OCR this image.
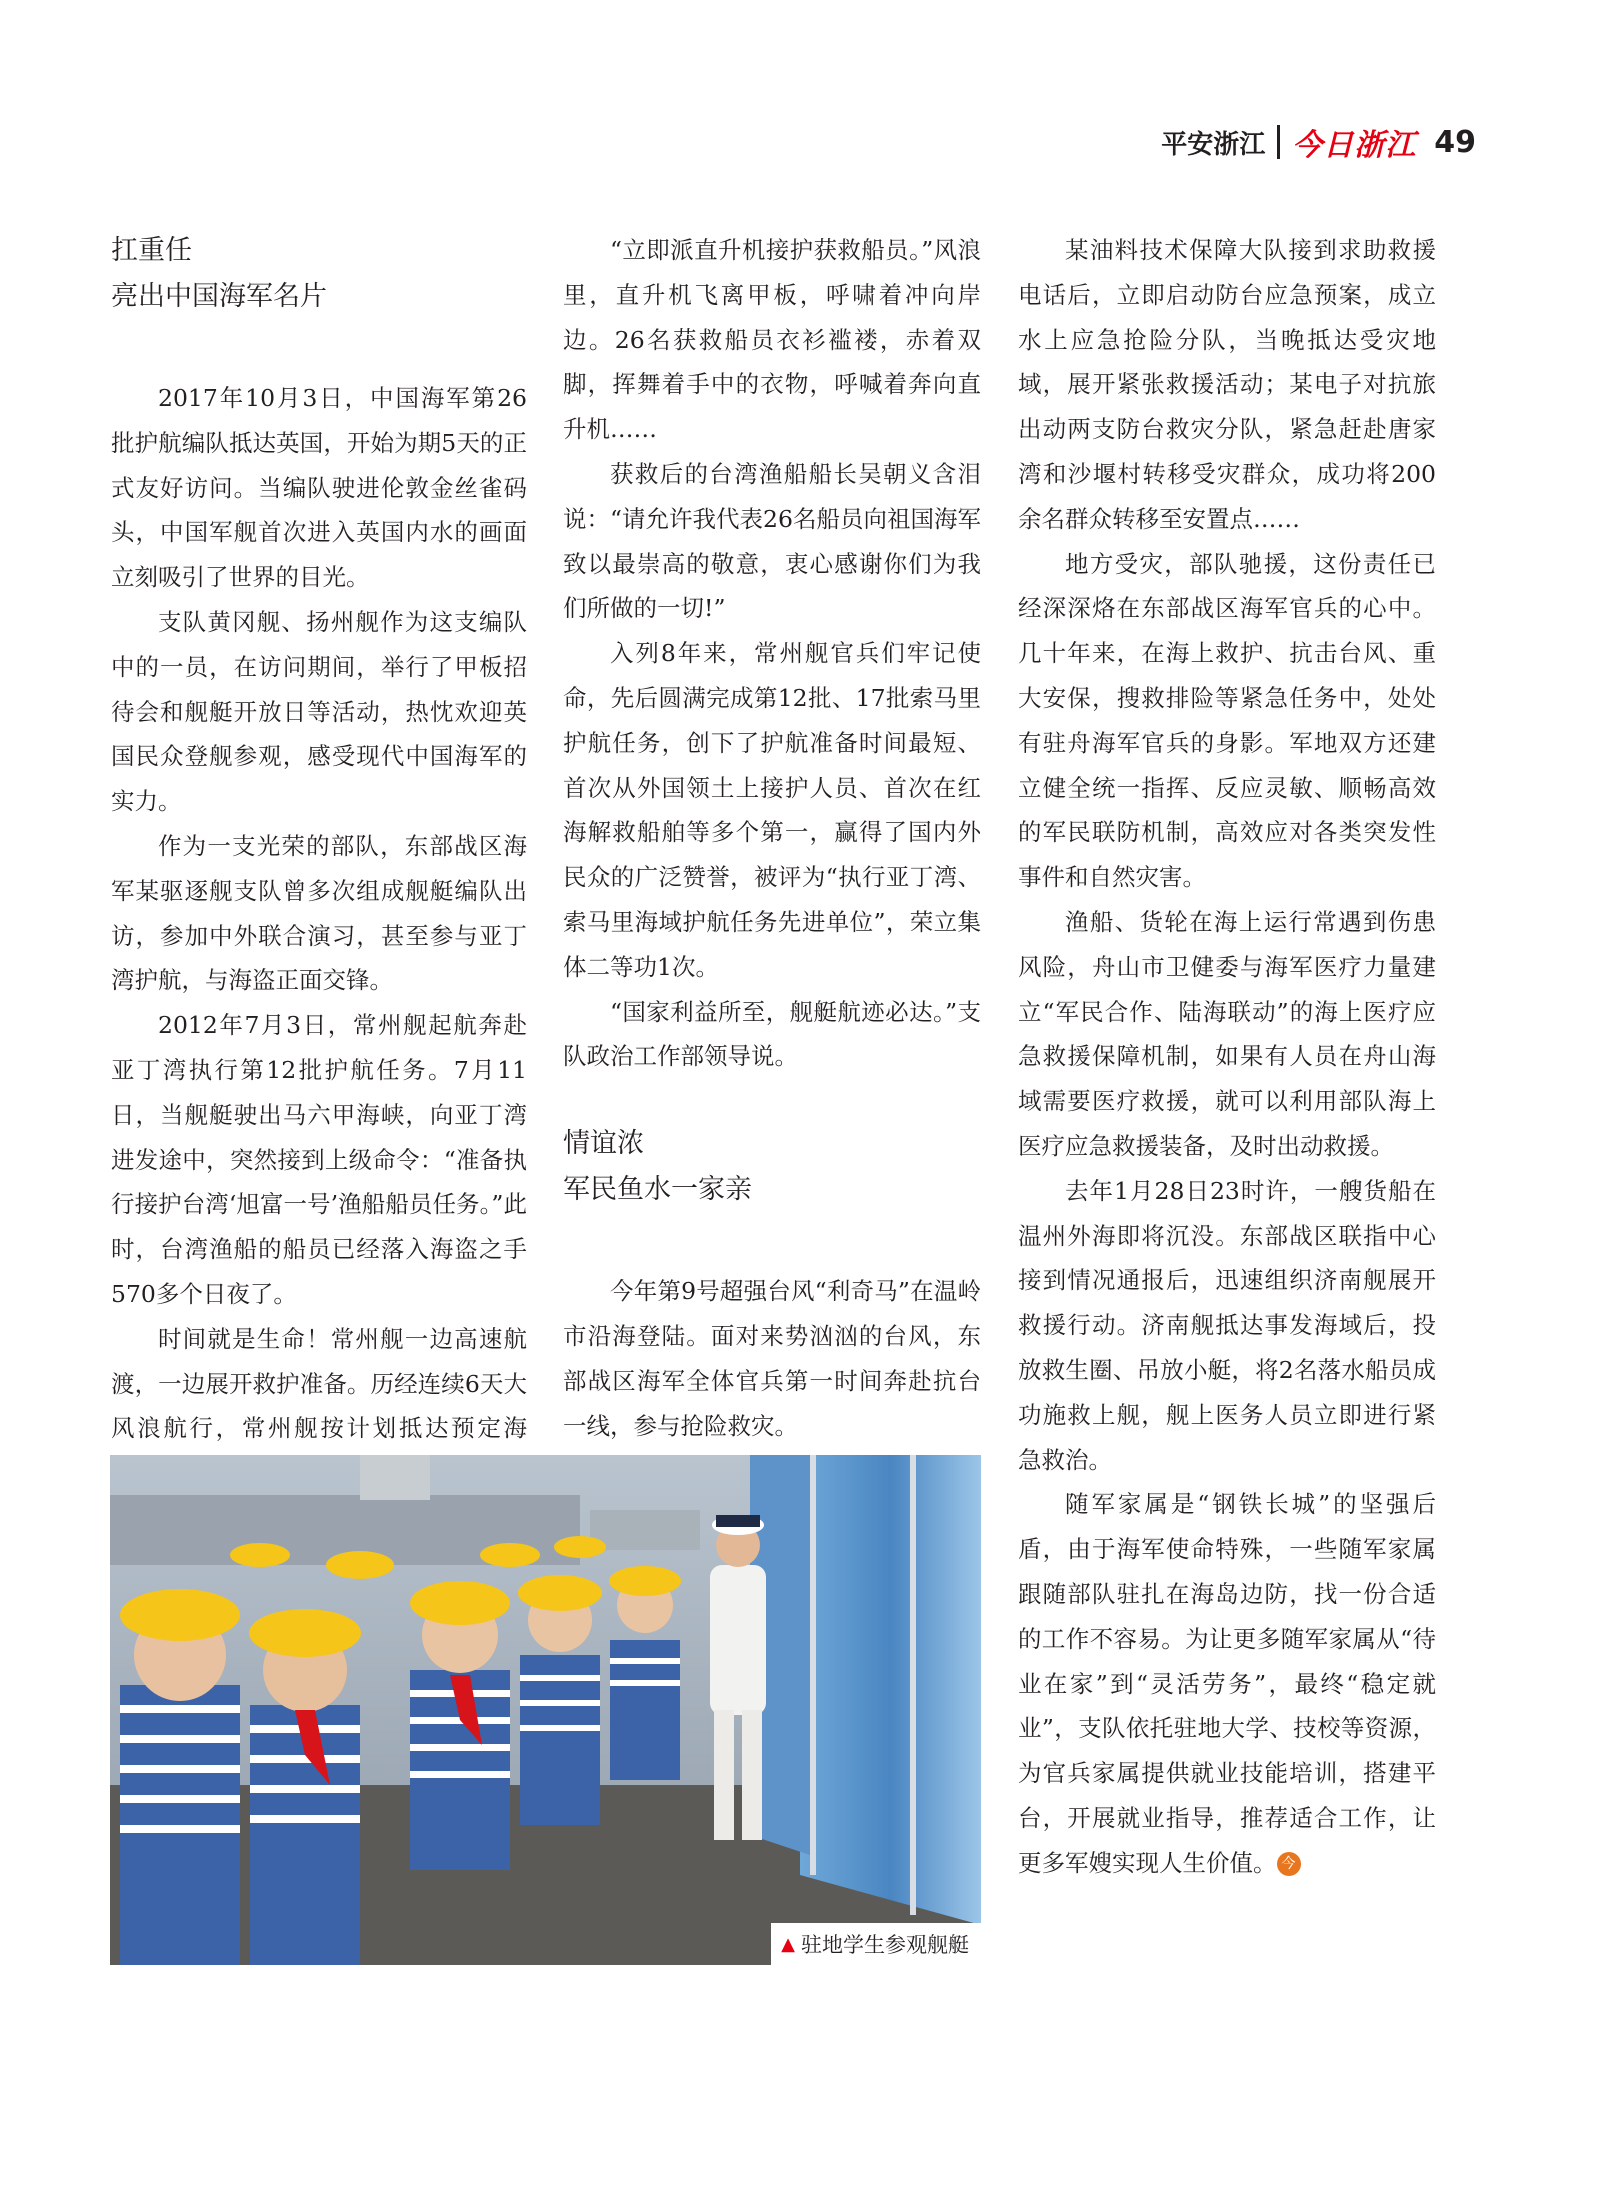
平安浙江 今日浙江 49
扛重任
亮出中国海军名片

2017年10月3日，中国海军第26批护航编队抵达英国，开始为期5天的正式友好访问。当编队驶进伦敦金丝雀码头，中国军舰首次进入英国内水的画面立刻吸引了世界的目光。

支队黄冈舰、扬州舰作为这支编队中的一员，在访问期间，举行了甲板招待会和舰艇开放日等活动，热忱欢迎英国民众登舰参观，感受现代中国海军的实力。

作为一支光荣的部队，东部战区海军某驱逐舰支队曾多次组成舰艇编队出访，参加中外联合演习，甚至参与亚丁湾护航，与海盗正面交锋。

2012年7月3日，常州舰起航奔赴亚丁湾执行第12批护航任务。7月11日，当舰艇驶出马六甲海峡，向亚丁湾进发途中，突然接到上级命令：“准备执行接护台湾‘旭富一号’渔船船员任务。”此时，台湾渔船的船员已经落入海盗之手570多个日夜了。

时间就是生命！常州舰一边高速航渡，一边展开救护准备。历经连续6天大风浪航行，常州舰按计划抵达预定海

“立即派直升机接护获救船员。”风浪里，直升机飞离甲板，呼啸着冲向岸边。26名获救船员衣衫褴褛，赤着双脚，挥舞着手中的衣物，呼喊着奔向直升机……

获救后的台湾渔船船长吴朝义含泪说：“请允许我代表26名船员向祖国海军致以最崇高的敬意，衷心感谢你们为我们所做的一切!”

入列8年来，常州舰官兵们牢记使命，先后圆满完成第12批、17批索马里护航任务，创下了护航准备时间最短、首次从外国领土上接护人员、首次在红海解救船舶等多个第一，赢得了国内外民众的广泛赞誉，被评为“执行亚丁湾、索马里海域护航任务先进单位”，荣立集体二等功1次。

“国家利益所至，舰艇航迹必达。”支队政治工作部领导说。

情谊浓
军民鱼水一家亲

今年第9号超强台风“利奇马”在温岭市沿海登陆。面对来势汹汹的台风，东部战区海军全体官兵第一时间奔赴抗台一线，参与抢险救灾。

某油料技术保障大队接到求助救援电话后，立即启动防台应急预案，成立水上应急抢险分队，当晚抵达受灾地域，展开紧张救援活动；某电子对抗旅出动两支防台救灾分队，紧急赶赴唐家湾和沙堰村转移受灾群众，成功将200余名群众转移至安置点……

地方受灾，部队驰援，这份责任已经深深烙在东部战区海军官兵的心中。几十年来，在海上救护、抗击台风、重大安保，搜救排险等紧急任务中，处处有驻舟海军官兵的身影。军地双方还建立健全统一指挥、反应灵敏、顺畅高效的军民联防机制，高效应对各类突发性事件和自然灾害。

渔船、货轮在海上运行常遇到伤患风险，舟山市卫健委与海军医疗力量建立“军民合作、陆海联动”的海上医疗应急救援保障机制，如果有人员在舟山海域需要医疗救援，就可以利用部队海上医疗应急救援装备，及时出动救援。

去年1月28日23时许，一艘货船在温州外海即将沉没。东部战区联指中心接到情况通报后，迅速组织济南舰展开救援行动。济南舰抵达事发海域后，投放救生圈、吊放小艇，将2名落水船员成功施救上舰，舰上医务人员立即进行紧急救治。

随军家属是“钢铁长城”的坚强后盾，由于海军使命特殊，一些随军家属跟随部队驻扎在海岛边防，找一份合适的工作不容易。为让更多随军家属从“待业在家”到“灵活劳务”，最终“稳定就业”，支队依托驻地大学、技校等资源，为官兵家属提供就业技能培训，搭建平台，开展就业指导，推荐适合工作，让更多军嫂实现人生价值。 今

▲ 驻地学生参观舰艇
